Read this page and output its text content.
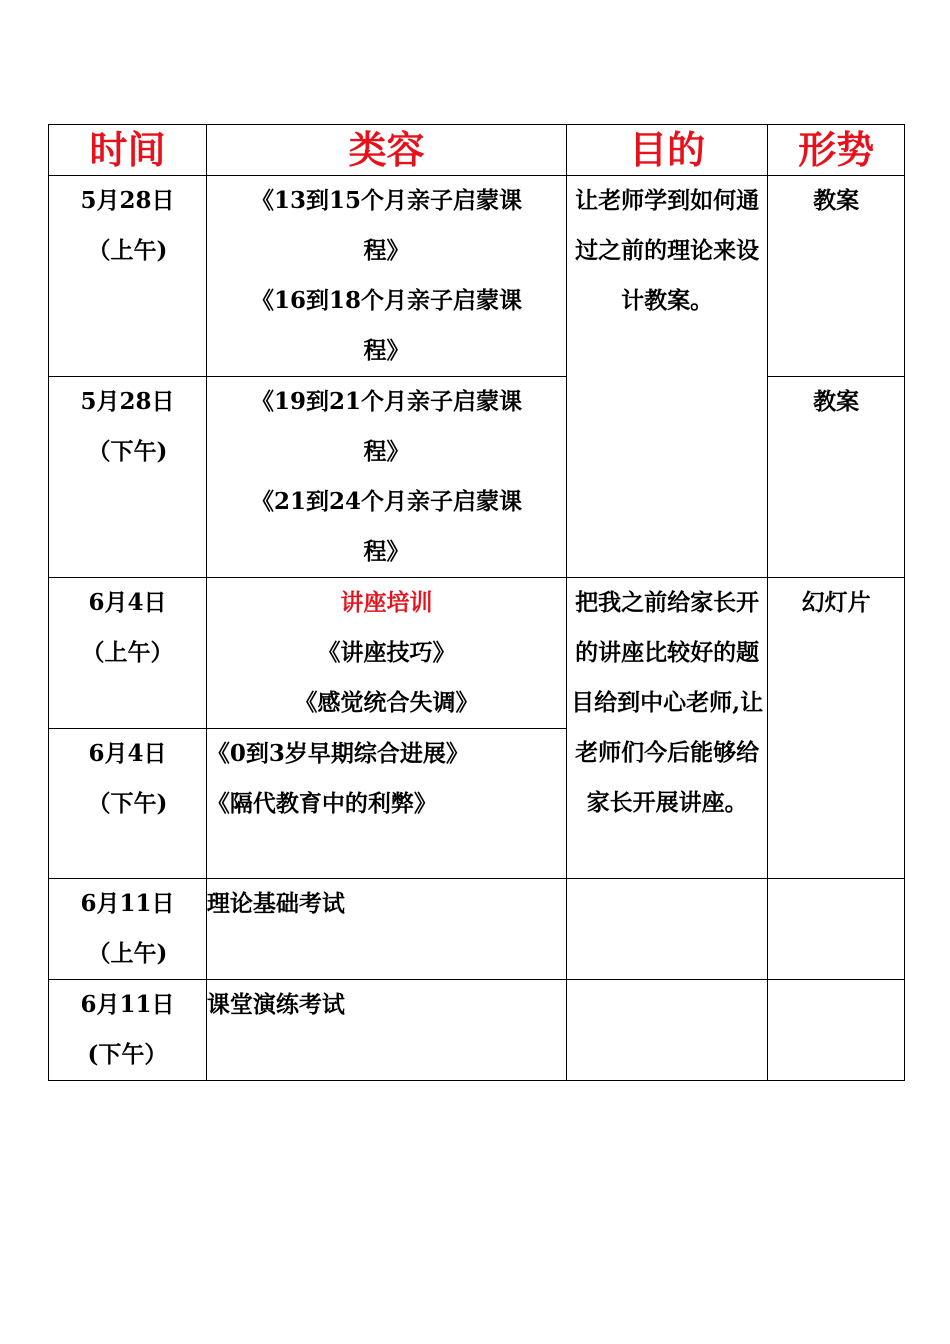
时间	类容	目的	形势

5月28日
（上午)	《13到15个月亲子启蒙课
程》
《16到18个月亲子启蒙课
程》	让老师学到如何通过之前的理论来设计教案。	教案

5月28日
（下午)	《19到21个月亲子启蒙课
程》
《21到24个月亲子启蒙课
程》		教案

6月4日
（上午）	讲座培训
《讲座技巧》
《感觉统合失调》	把我之前给家长开的讲座比较好的题目给到中心老师,让老师们今后能够给家长开展讲座。	幻灯片

6月4日
（下午)	《0到3岁早期综合进展》
《隔代教育中的利弊》		

6月11日
（上午)	理论基础考试		

6月11日
(下午）	课堂演练考试		
